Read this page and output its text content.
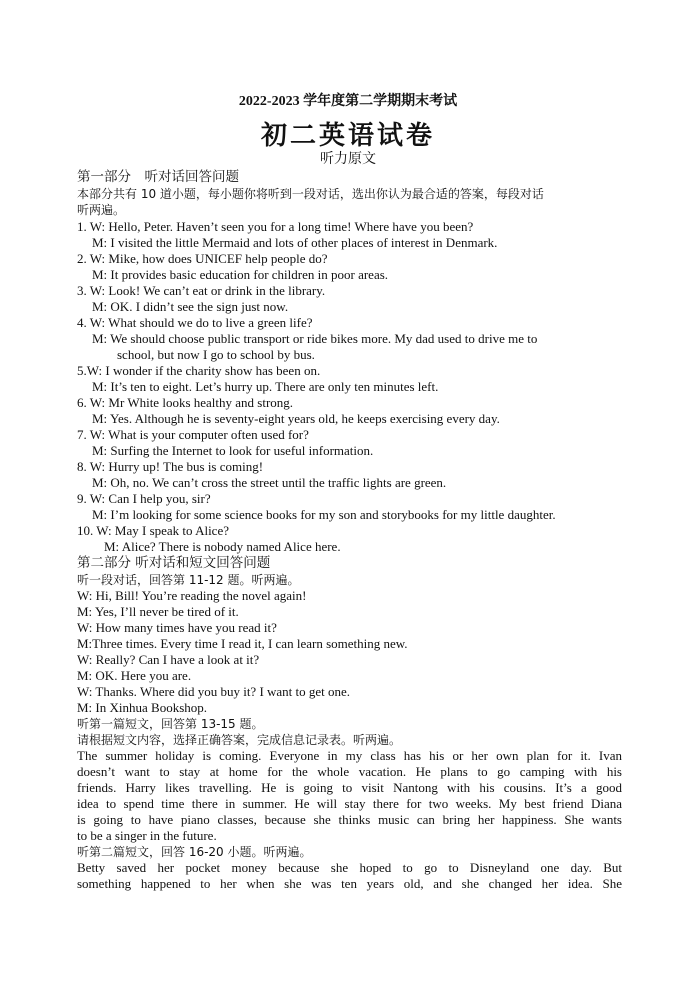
2022-2023 学年度第二学期期末考试
初二英语试卷
听力原文
第一部分　听对话回答问题
本部分共有 10 道小题，每小题你将听到一段对话，选出你认为最合适的答案，每段对话
听两遍。
1. W: Hello, Peter. Haven’t seen you for a long time! Where have you been?
M: I visited the little Mermaid and lots of other places of interest in Denmark.
2. W: Mike, how does UNICEF help people do?
M: It provides basic education for children in poor areas.
3. W: Look! We can’t eat or drink in the library.
M: OK. I didn’t see the sign just now.
4. W: What should we do to live a green life?
M: We should choose public transport or ride bikes more. My dad used to drive me to
school, but now I go to school by bus.
5.W: I wonder if the charity show has been on.
M: It’s ten to eight. Let’s hurry up. There are only ten minutes left.
6. W: Mr White looks healthy and strong.
M: Yes. Although he is seventy-eight years old, he keeps exercising every day.
7. W: What is your computer often used for?
M: Surfing the Internet to look for useful information.
8. W: Hurry up! The bus is coming!
M: Oh, no. We can’t cross the street until the traffic lights are green.
9. W: Can I help you, sir?
M: I’m looking for some science books for my son and storybooks for my little daughter.
10. W: May I speak to Alice?
M: Alice? There is nobody named Alice here.
第二部分 听对话和短文回答问题
听一段对话，回答第 11-12 题。听两遍。
W: Hi, Bill! You’re reading the novel again!
M: Yes, I’ll never be tired of it.
W: How many times have you read it?
M:Three times. Every time I read it, I can learn something new.
W: Really? Can I have a look at it?
M: OK. Here you are.
W: Thanks. Where did you buy it? I want to get one.
M: In Xinhua Bookshop.
听第一篇短文，回答第 13-15 题。
请根据短文内容，选择正确答案，完成信息记录表。听两遍。
The summer holiday is coming. Everyone in my class has his or her own plan for it. Ivan
doesn’t want to stay at home for the whole vacation. He plans to go camping with his
friends. Harry likes travelling. He is going to visit Nantong with his cousins. It’s a good
idea to spend time there in summer. He will stay there for two weeks. My best friend Diana
is going to have piano classes, because she thinks music can bring her happiness. She wants
to be a singer in the future.
听第二篇短文，回答 16-20 小题。听两遍。
Betty saved her pocket money because she hoped to go to Disneyland one day. But
something happened to her when she was ten years old, and she changed her idea. She
